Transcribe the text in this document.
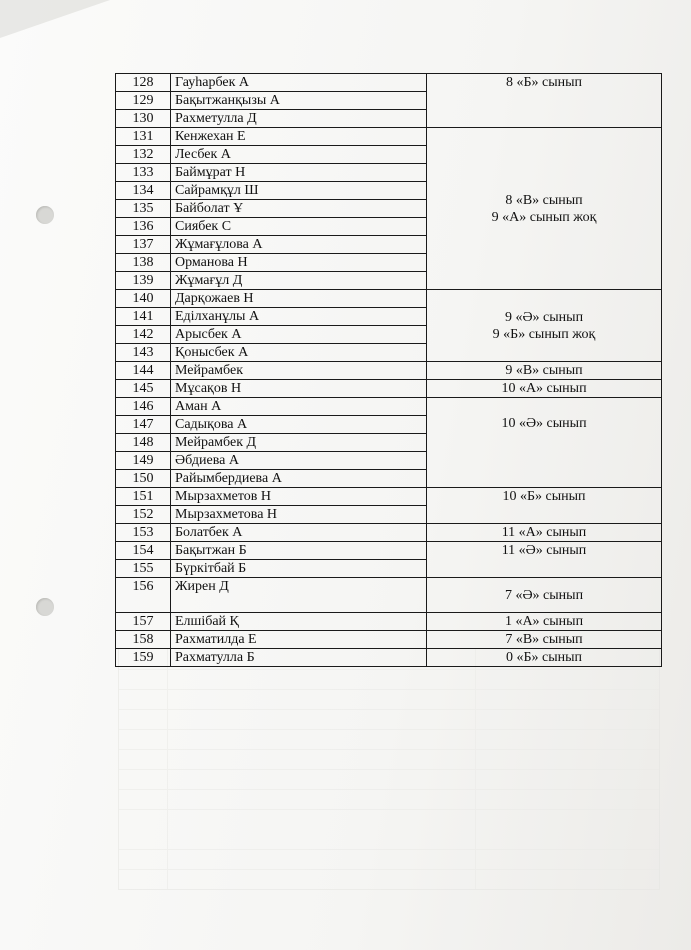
128	Гауһарбек А	8 «Б» сынып

129	Бақытжанқызы А	
130	Рахметулла Д	
131	Кенжехан Е	8 «В» сынып
9 «А» сынып жоқ

132	Лесбек А	
133	Баймұрат Н	
134	Сайрамқұл Ш	
135	Байболат Ұ	
136	Сиябек С	
137	Жұмағұлова А	
138	Орманова Н	
139	Жұмағұл Д	
140	Дарқожаев Н	9 «Ә» сынып
9 «Б» сынып жоқ

141	Еділханұлы А	
142	Арысбек А	
143	Қонысбек А	
144	Мейрамбек	9 «В» сынып

145	Мұсақов Н	10 «А» сынып

146	Аман А	10 «Ә» сынып

147	Садықова А	
148	Мейрамбек Д	
149	Әбдиева А	
150	Райымбердиева А	
151	Мырзахметов Н	10 «Б» сынып

152	Мырзахметова Н	
153	Болатбек А	11 «А» сынып

154	Бақытжан Б	11 «Ә» сынып

155	Бүркітбай Б	
156	Жирен Д	7 «Ә» сынып

157	Елшібай Қ	1 «А» сынып

158	Рахматилда Е	7 «В» сынып

159	Рахматулла Б	0 «Б» сынып
